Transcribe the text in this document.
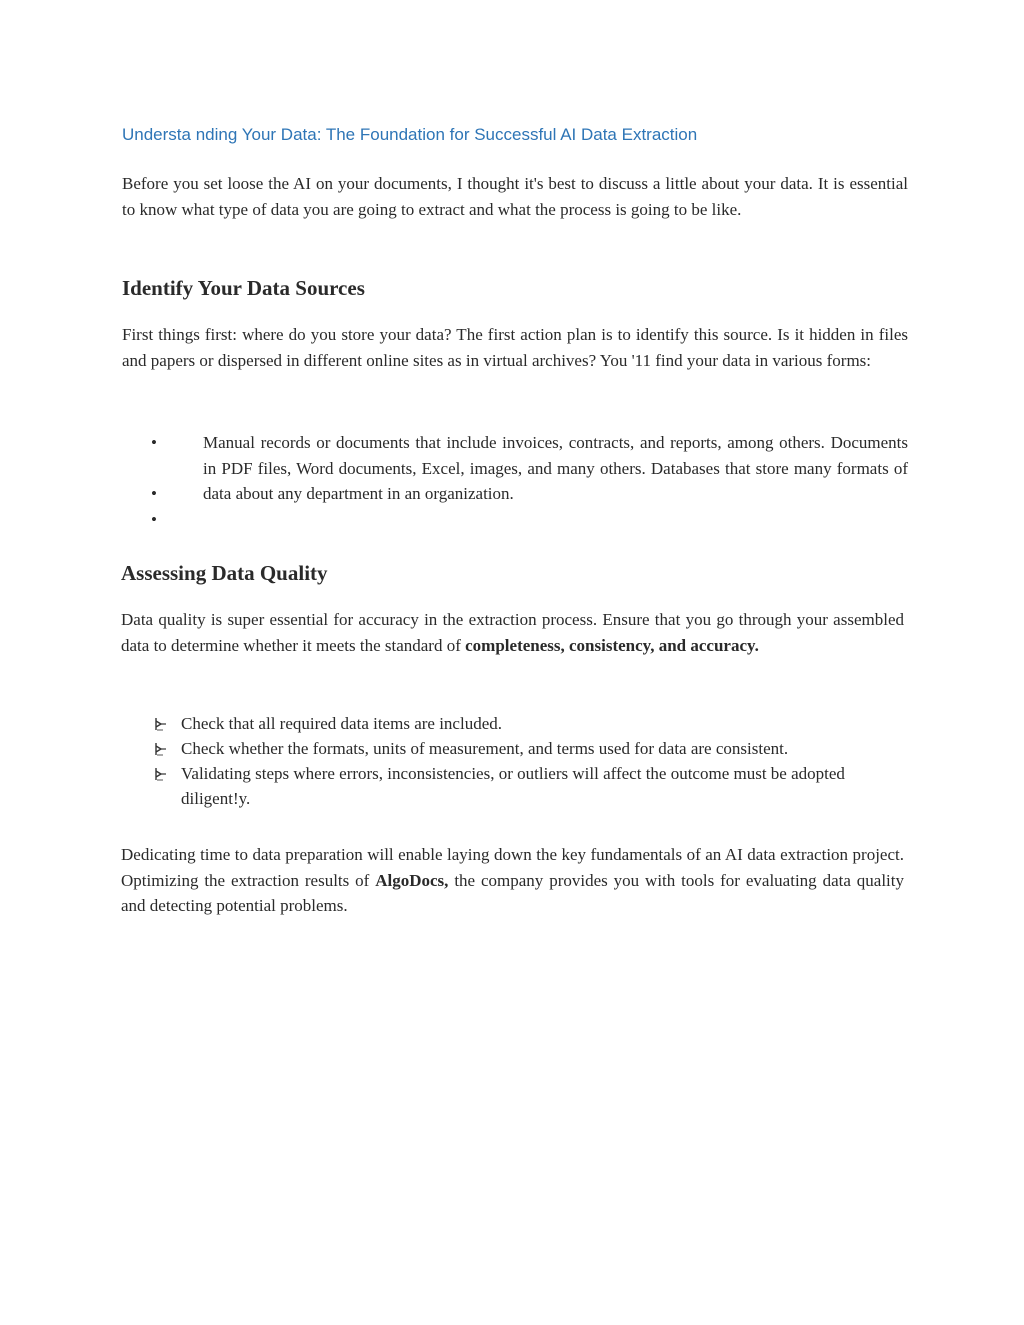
Understa nding Your Data: The Foundation for Successful AI Data Extraction

Before you set loose the AI on your documents, I thought it's best to discuss a little about your data. It is essential to know what type of data you are going to extract and what the process is going to be like.

Identify Your Data Sources

First things first: where do you store your data? The first action plan is to identify this source. Is it hidden in files and papers or dispersed in different online sites as in virtual archives? You '11 find your data in various forms:

•
•
•

Manual records or documents that include invoices, contracts, and reports, among others. Documents in PDF files, Word documents, Excel, images, and many others. Databases that store many formats of data about any department in an organization.

Assessing Data Quality

Data quality is super essential for accuracy in the extraction process. Ensure that you go through your assembled data to determine whether it meets the standard of completeness, consistency, and accuracy.

Check that all required data items are included.

Check whether the formats, units of measurement, and terms used for data are consistent.

Validating steps where errors, inconsistencies, or outliers will affect the outcome must be adopted diligent!y.

Dedicating time to data preparation will enable laying down the key fundamentals of an AI data extraction project. Optimizing the extraction results of AlgoDocs, the company provides you with tools for evaluating data quality and detecting potential problems.
